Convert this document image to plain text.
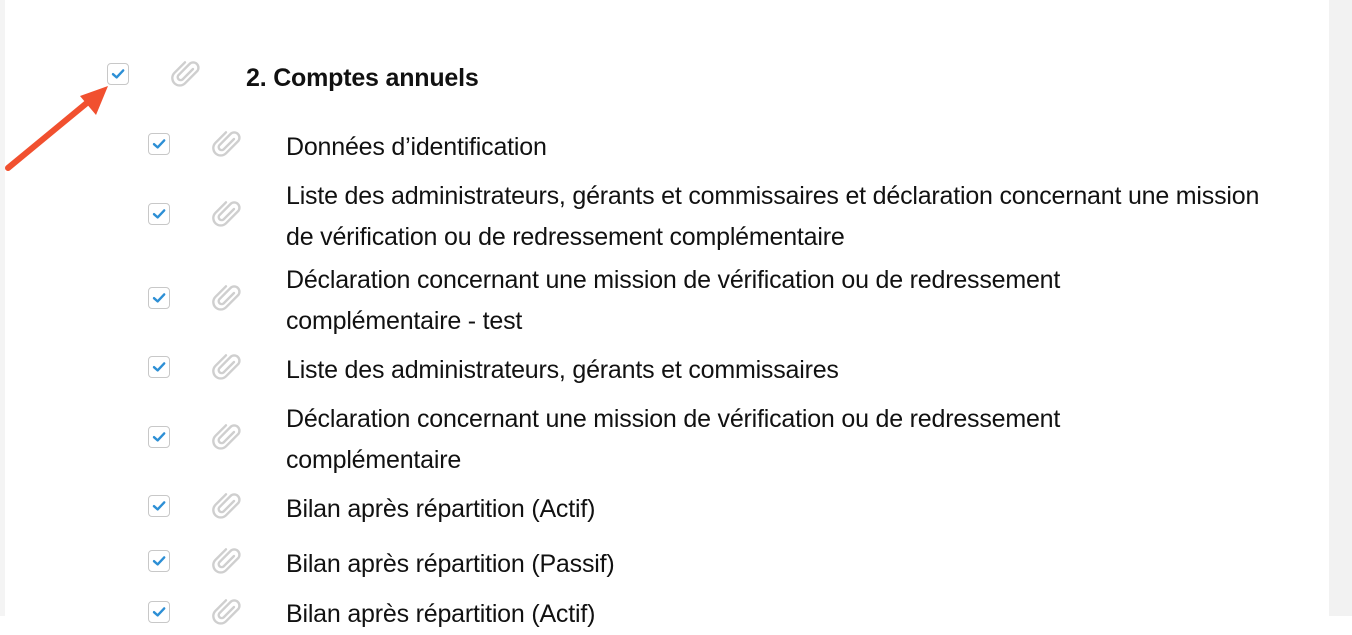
2. Comptes annuels
Données d’identification
Liste des administrateurs, gérants et commissaires et déclaration concernant une mission de vérification ou de redressement complémentaire
Déclaration concernant une mission de vérification ou de redressement complémentaire - test
Liste des administrateurs, gérants et commissaires
Déclaration concernant une mission de vérification ou de redressement complémentaire
Bilan après répartition (Actif)
Bilan après répartition (Passif)
Bilan après répartition (Actif)
